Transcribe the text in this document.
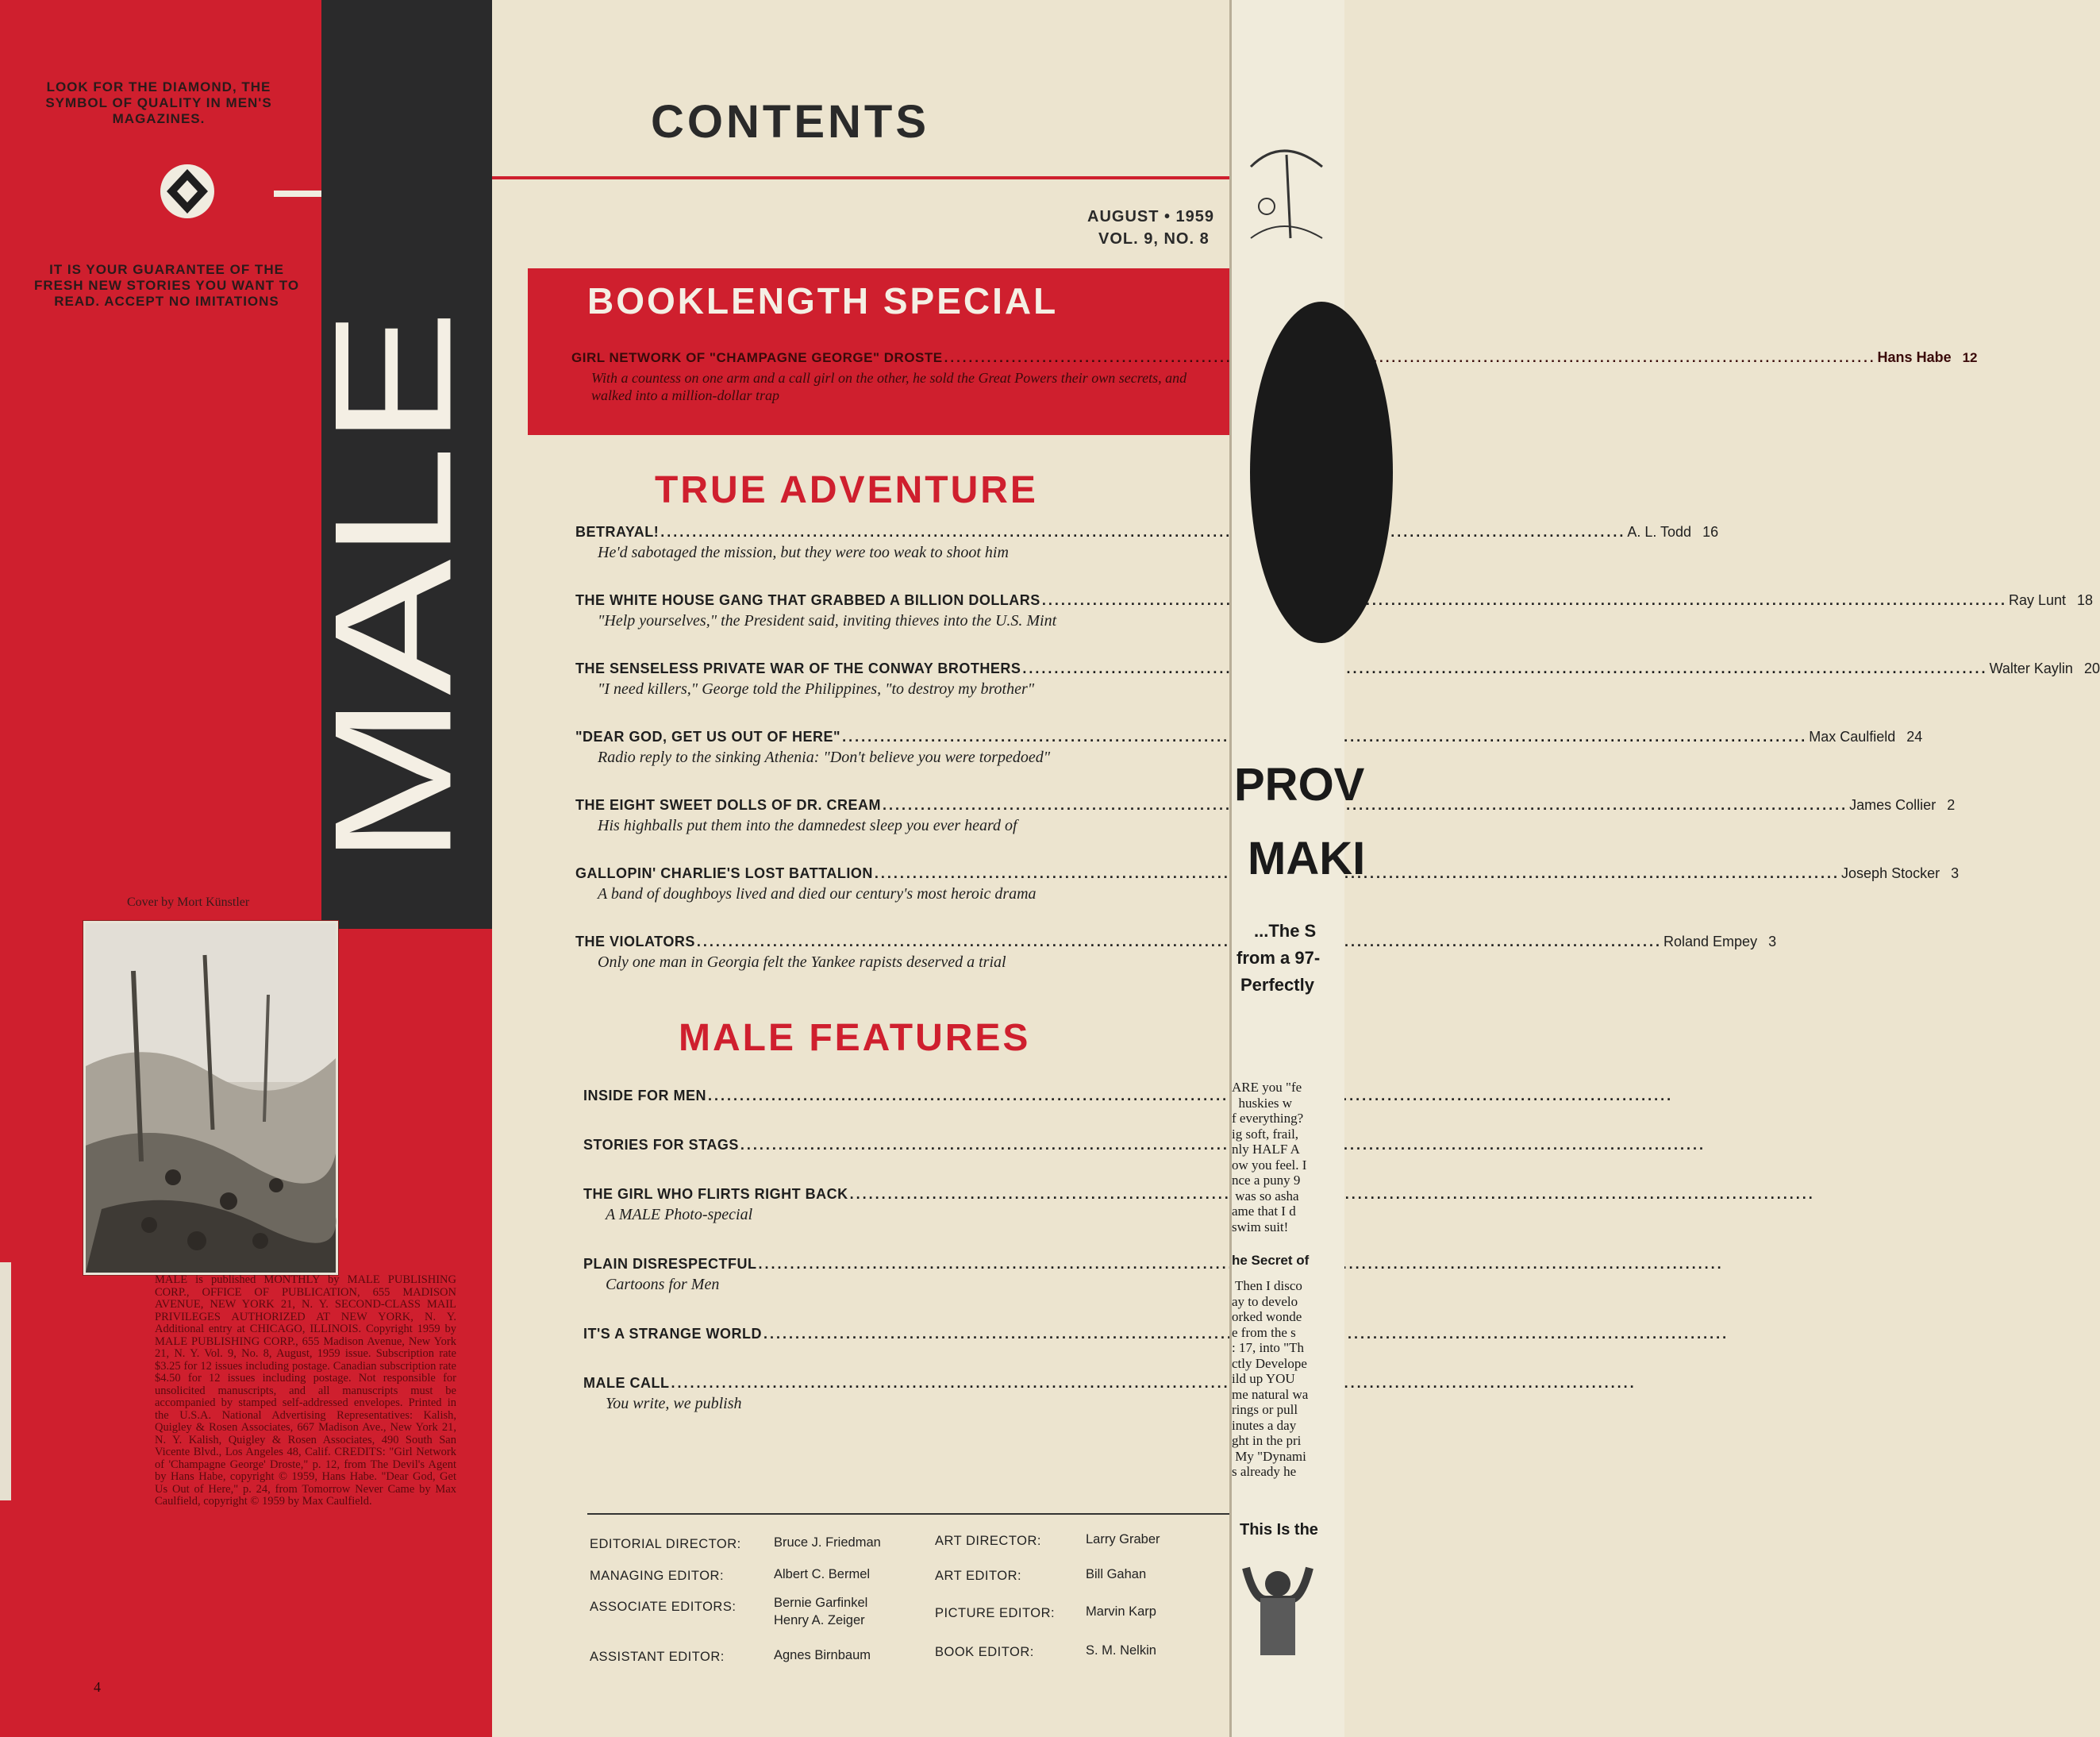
LOOK FOR THE DIAMOND, THE SYMBOL OF QUALITY IN MEN'S MAGAZINES.
IT IS YOUR GUARANTEE OF THE FRESH NEW STORIES YOU WANT TO READ. ACCEPT NO IMITATIONS
MALE
Cover by Mort Künstler
MALE is published MONTHLY by MALE PUBLISHING CORP., OFFICE OF PUBLICATION, 655 MADISON AVENUE, NEW YORK 21, N. Y. SECOND-CLASS MAIL PRIVILEGES AUTHORIZED AT NEW YORK, N. Y. Additional entry at CHICAGO, ILLINOIS. Copyright 1959 by MALE PUBLISHING CORP., 655 Madison Avenue, New York 21, N. Y. Vol. 9, No. 8, August, 1959 issue. Subscription rate $3.25 for 12 issues including postage. Canadian subscription rate $4.50 for 12 issues including postage. Not responsible for unsolicited manuscripts, and all manuscripts must be accompanied by stamped self-addressed envelopes. Printed in the U.S.A. National Advertising Representatives: Kalish, Quigley & Rosen Associates, 667 Madison Ave., New York 21, N. Y. Kalish, Quigley & Rosen Associates, 490 South San Vicente Blvd., Los Angeles 48, Calif. CREDITS: "Girl Network of 'Champagne George' Droste," p. 12, from The Devil's Agent by Hans Habe, copyright © 1959, Hans Habe. "Dear God, Get Us Out of Here," p. 24, from Tomorrow Never Came by Max Caulfield, copyright © 1959 by Max Caulfield.
4
CONTENTS
AUGUST • 1959
VOL. 9, NO. 8
BOOKLENGTH SPECIAL
GIRL NETWORK OF "CHAMPAGNE GEORGE" DROSTE .....	Hans Habe 12
With a countess on one arm and a call girl on the other, he sold the Great Powers their own secrets, and walked into a million-dollar trap
TRUE ADVENTURE
BETRAYAL! .....	A. L. Todd 16
He'd sabotaged the mission, but they were too weak to shoot him
THE WHITE HOUSE GANG THAT GRABBED A BILLION DOLLARS .....	Ray Lunt 18
"Help yourselves," the President said, inviting thieves into the U.S. Mint
THE SENSELESS PRIVATE WAR OF THE CONWAY BROTHERS .....	Walter Kaylin 20
"I need killers," George told the Philippines, "to destroy my brother"
"DEAR GOD, GET US OUT OF HERE" .....	Max Caulfield 24
Radio reply to the sinking Athenia: "Don't believe you were torpedoed"
THE EIGHT SWEET DOLLS OF DR. CREAM .....	James Collier 2
His highballs put them into the damnedest sleep you ever heard of
GALLOPIN' CHARLIE'S LOST BATTALION .....	Joseph Stocker 3
A band of doughboys lived and died our century's most heroic drama
THE VIOLATORS .....	Roland Empey 3
Only one man in Georgia felt the Yankee rapists deserved a trial
MALE FEATURES
INSIDE FOR MEN
.....
STORIES FOR STAGS
.....
THE GIRL WHO FLIRTS RIGHT BACK
.....
A MALE Photo-special
PLAIN DISRESPECTFUL
.....
Cartoons for Men
IT'S A STRANGE WORLD
.....
MALE CALL
.....
You write, we publish
EDITORIAL DIRECTOR:	Bruce J. Friedman
MANAGING EDITOR:	Albert C. Bermel
ASSOCIATE EDITORS:	Bernie Garfinkel
Henry A. Zeiger
ASSISTANT EDITOR:	Agnes Birnbaum
ART DIRECTOR:	Larry Graber
ART EDITOR:	Bill Gahan
PICTURE EDITOR: Marvin Karp
BOOK EDITOR:	S. M. Nelkin
PROV
MAKI
...The S
from a 97-
Perfectly
ARE you "fe
huskies w
f everything?
ig soft, frail,
nly HALF A
ow you feel. I
nce a puny 9
was so asha
ame that I d
swim suit!
he Secret of
Then I disco
ay to develo
orked wonde
e from the s
: 17, into "Th
ctly Develope
ild up YOU
me natural wa
rings or pull
inutes a day
ght in the pri
My "Dynami
s already he
This Is the
